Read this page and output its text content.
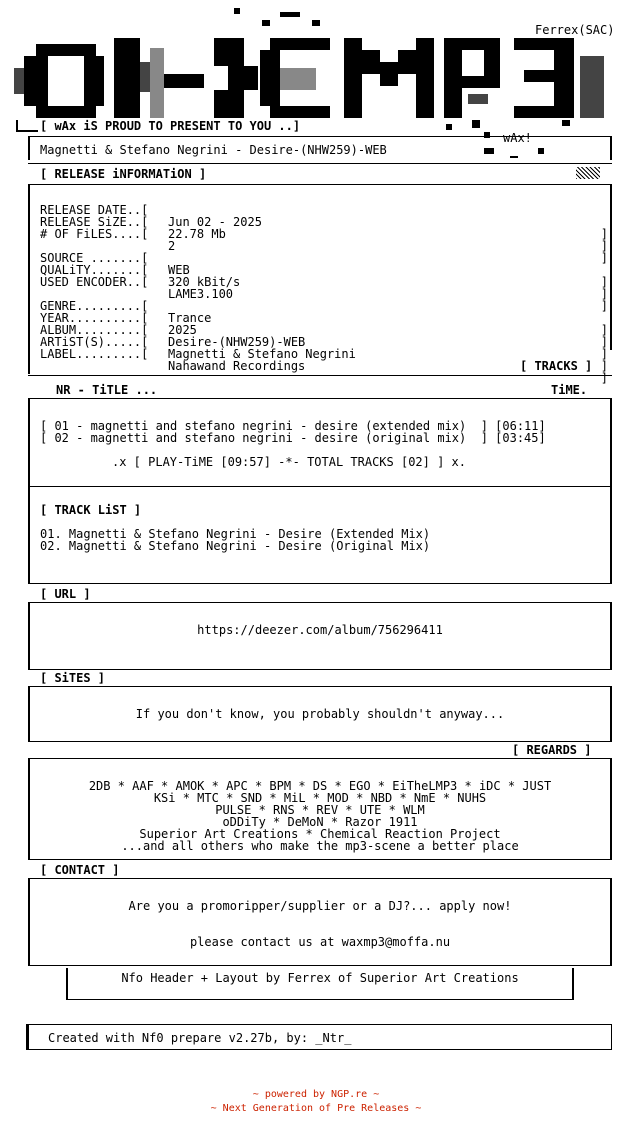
Ferrex(SAC)
[ wAx iS PROUD TO PRESENT TO YOU ..]
wAx!
Magnetti & Stefano Negrini - Desire-(NHW259)-WEB
[ RELEASE iNFORMATiON ]

RELEASE DATE..[

Jun 02 - 2025

]

RELEASE SiZE..[

22.78 Mb

]

# OF FiLES....[

2

]

SOURCE .......[

WEB

]

QUALiTY.......[

320 kBit/s

]

USED ENCODER..[

LAME3.100

]

GENRE.........[

Trance

]

YEAR..........[

2025

]

ALBUM.........[

Desire-(NHW259)-WEB

]

ARTiST(S).....[

Magnetti & Stefano Negrini

]

LABEL.........[

Nahawand Recordings

]

[ TRACKS ]
NR - TiTLE ...	TiME.
[ 01 - magnetti and stefano negrini - desire (extended mix)  ] [06:11]
[ 02 - magnetti and stefano negrini - desire (original mix)  ] [03:45]
.x [ PLAY-TiME [09:57] -*- TOTAL TRACKS [02] ] x.
[ TRACK LiST ]
01. Magnetti & Stefano Negrini - Desire (Extended Mix)
02. Magnetti & Stefano Negrini - Desire (Original Mix)
[ URL ]
https://deezer.com/album/756296411
[ SiTES ]
If you don't know, you probably shouldn't anyway...
[ REGARDS ]
2DB * AAF * AMOK * APC * BPM * DS * EGO * EiTheLMP3 * iDC * JUST
KSi * MTC * SND * MiL * MOD * NBD * NmE * NUHS
PULSE * RNS * REV * UTE * WLM
oDDiTy * DeMoN * Razor 1911
Superior Art Creations * Chemical Reaction Project
...and all others who make the mp3-scene a better place
[ CONTACT ]
Are you a promoripper/supplier or a DJ?... apply now!
please contact us at waxmp3@moffa.nu
Nfo Header + Layout by Ferrex of Superior Art Creations
Created with Nf0 prepare v2.27b, by: _Ntr_
~ powered by NGP.re ~
~ Next Generation of Pre Releases ~
